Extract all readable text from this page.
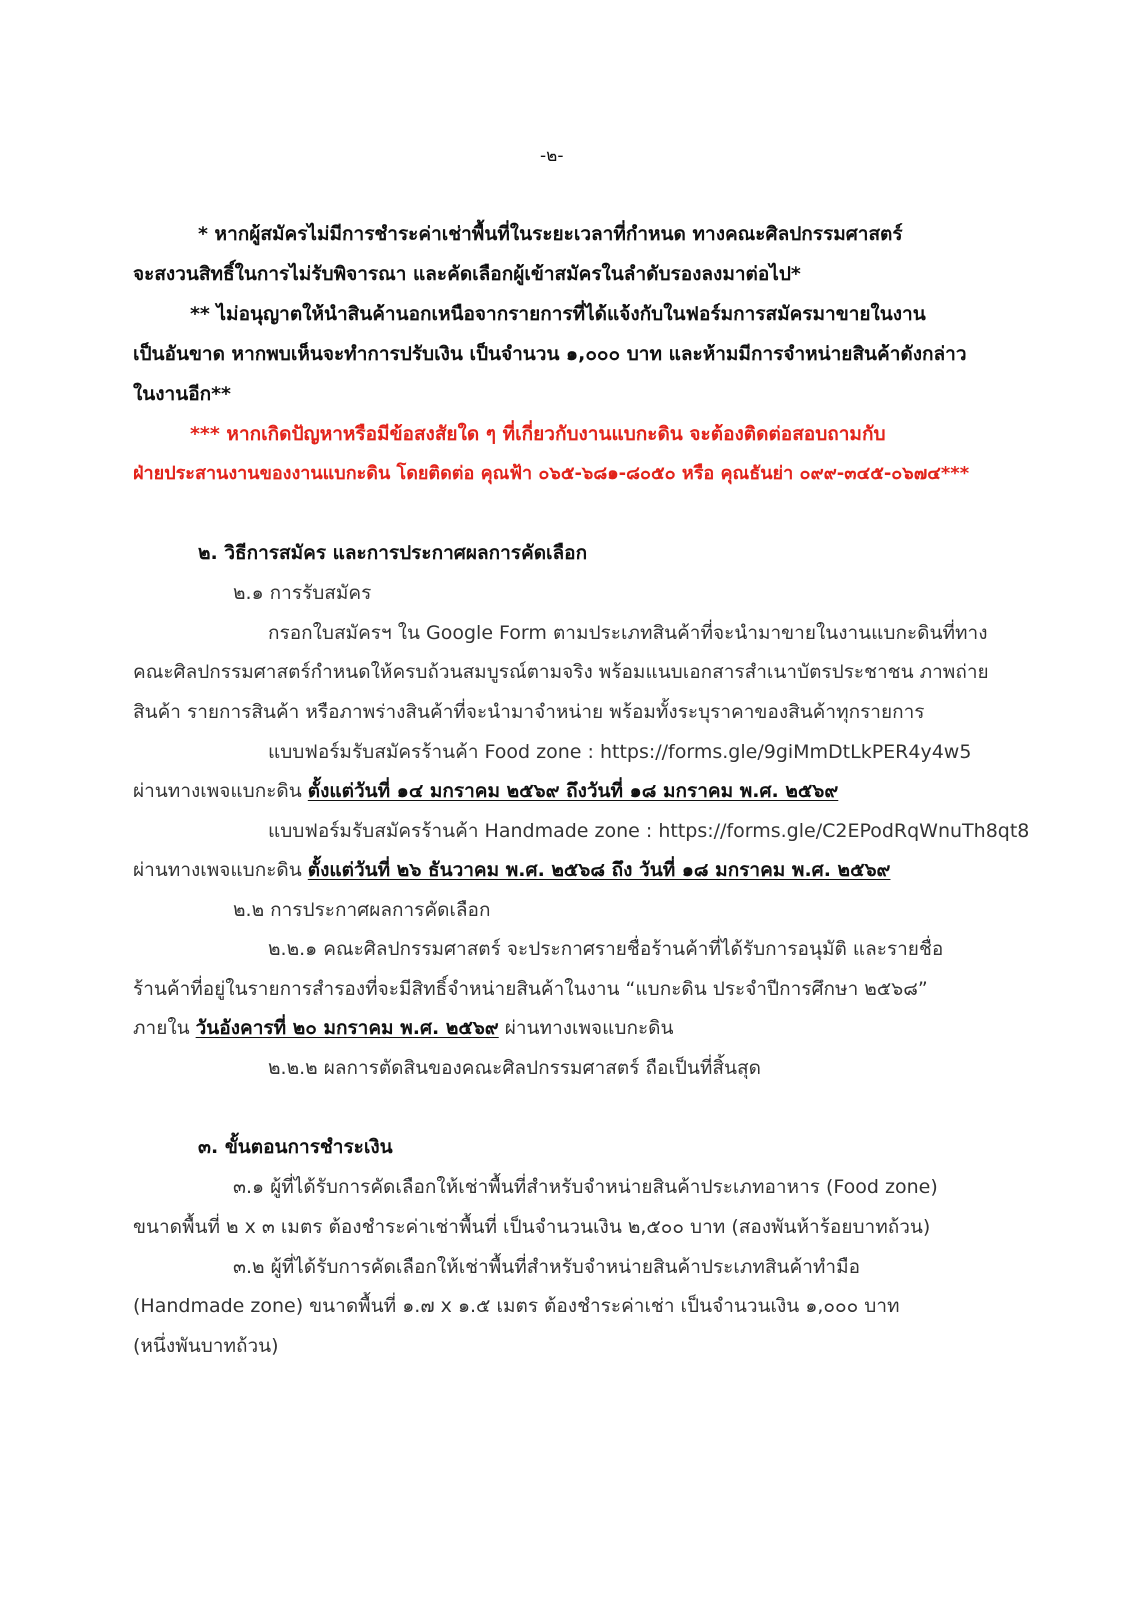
-๒-
* หากผู้สมัครไม่มีการชำระค่าเช่าพื้นที่ในระยะเวลาที่กำหนด ทางคณะศิลปกรรมศาสตร์
จะสงวนสิทธิ์ในการไม่รับพิจารณา และคัดเลือกผู้เข้าสมัครในลำดับรองลงมาต่อไป*
** ไม่อนุญาตให้นำสินค้านอกเหนือจากรายการที่ได้แจ้งกับในฟอร์มการสมัครมาขายในงาน
เป็นอันขาด หากพบเห็นจะทำการปรับเงิน เป็นจำนวน ๑,๐๐๐ บาท และห้ามมีการจำหน่ายสินค้าดังกล่าว
ในงานอีก**
*** หากเกิดปัญหาหรือมีข้อสงสัยใด ๆ ที่เกี่ยวกับงานแบกะดิน จะต้องติดต่อสอบถามกับ
ฝ่ายประสานงานของงานแบกะดิน โดยติดต่อ คุณฟ้า ๐๖๕-๖๘๑-๘๐๕๐ หรือ คุณธันย่า ๐๙๙-๓๔๕-๐๖๗๔***
๒. วิธีการสมัคร และการประกาศผลการคัดเลือก
๒.๑ การรับสมัคร
กรอกใบสมัครฯ ใน Google Form ตามประเภทสินค้าที่จะนำมาขายในงานแบกะดินที่ทาง
คณะศิลปกรรมศาสตร์กำหนดให้ครบถ้วนสมบูรณ์ตามจริง พร้อมแนบเอกสารสำเนาบัตรประชาชน ภาพถ่าย
สินค้า รายการสินค้า หรือภาพร่างสินค้าที่จะนำมาจำหน่าย พร้อมทั้งระบุราคาของสินค้าทุกรายการ
แบบฟอร์มรับสมัครร้านค้า Food zone : https://forms.gle/9giMmDtLkPER4y4w5
ผ่านทางเพจแบกะดิน ตั้งแต่วันที่ ๑๔ มกราคม ๒๕๖๙ ถึงวันที่ ๑๘ มกราคม พ.ศ. ๒๕๖๙
แบบฟอร์มรับสมัครร้านค้า Handmade zone : https://forms.gle/C2EPodRqWnuTh8qt8
ผ่านทางเพจแบกะดิน ตั้งแต่วันที่ ๒๖ ธันวาคม พ.ศ. ๒๕๖๘ ถึง วันที่ ๑๘ มกราคม พ.ศ. ๒๕๖๙
๒.๒ การประกาศผลการคัดเลือก
๒.๒.๑ คณะศิลปกรรมศาสตร์ จะประกาศรายชื่อร้านค้าที่ได้รับการอนุมัติ และรายชื่อ
ร้านค้าที่อยู่ในรายการสำรองที่จะมีสิทธิ์จำหน่ายสินค้าในงาน “แบกะดิน ประจำปีการศึกษา ๒๕๖๘”
ภายใน วันอังคารที่ ๒๐ มกราคม พ.ศ. ๒๕๖๙ ผ่านทางเพจแบกะดิน
๒.๒.๒ ผลการตัดสินของคณะศิลปกรรมศาสตร์ ถือเป็นที่สิ้นสุด
๓. ขั้นตอนการชำระเงิน
๓.๑ ผู้ที่ได้รับการคัดเลือกให้เช่าพื้นที่สำหรับจำหน่ายสินค้าประเภทอาหาร (Food zone)
ขนาดพื้นที่ ๒ x ๓ เมตร ต้องชำระค่าเช่าพื้นที่ เป็นจำนวนเงิน ๒,๕๐๐ บาท (สองพันห้าร้อยบาทถ้วน)
๓.๒ ผู้ที่ได้รับการคัดเลือกให้เช่าพื้นที่สำหรับจำหน่ายสินค้าประเภทสินค้าทำมือ
(Handmade zone) ขนาดพื้นที่ ๑.๗ x ๑.๕ เมตร ต้องชำระค่าเช่า เป็นจำนวนเงิน ๑,๐๐๐ บาท
(หนึ่งพันบาทถ้วน)
